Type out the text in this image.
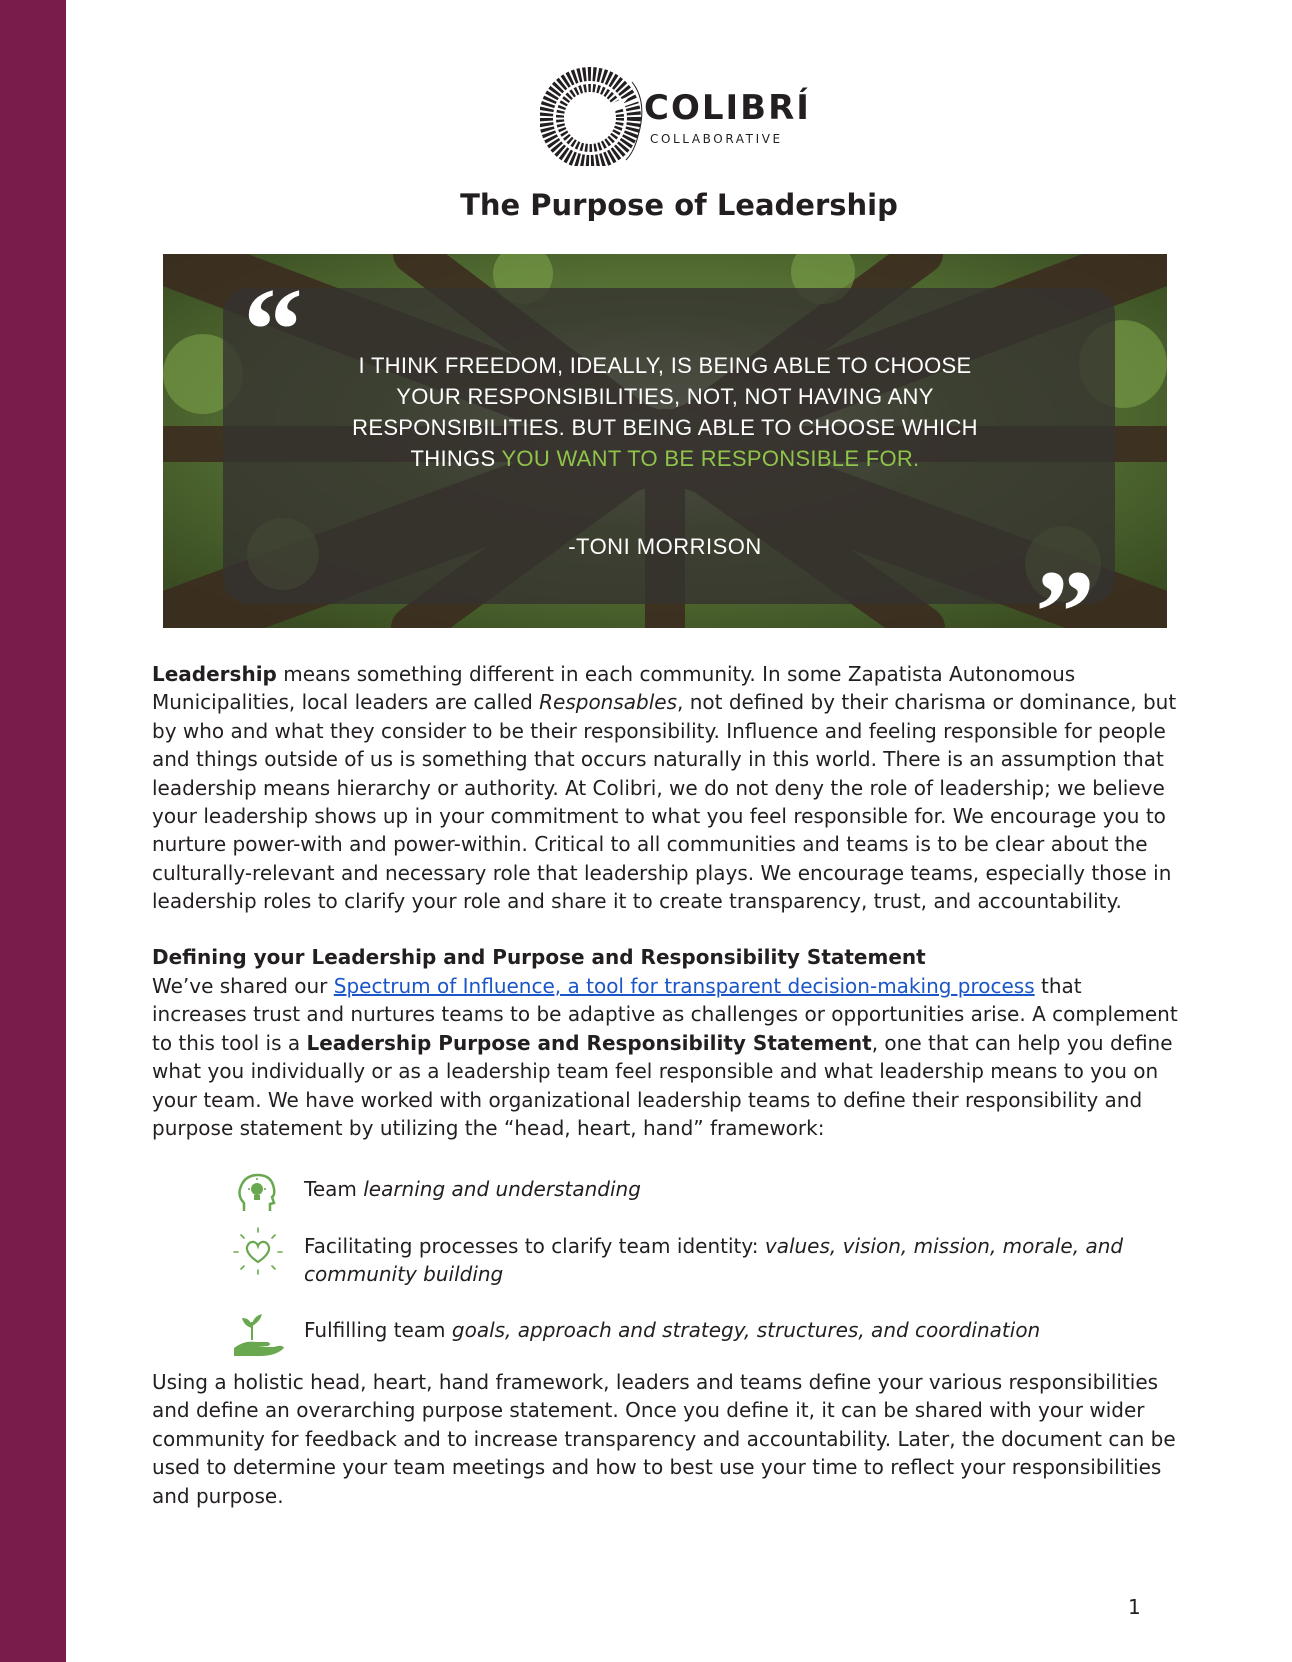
COLIBRÍ
COLLABORATIVE
The Purpose of Leadership
“	I THINK FREEDOM, IDEALLY, IS BEING ABLE TO CHOOSE
YOUR RESPONSIBILITIES, NOT, NOT HAVING ANY
RESPONSIBILITIES. BUT BEING ABLE TO CHOOSE WHICH
THINGS YOU WANT TO BE RESPONSIBLE FOR.
-TONI MORRISON	”

Leadership means something different in each community. In some Zapatista Autonomous Municipalities, local leaders are called Responsables, not defined by their charisma or dominance, but by who and what they consider to be their responsibility. Influence and feeling responsible for people and things outside of us is something that occurs naturally in this world. There is an assumption that leadership means hierarchy or authority. At Colibri, we do not deny the role of leadership; we believe your leadership shows up in your commitment to what you feel responsible for. We encourage you to nurture power-with and power-within. Critical to all communities and teams is to be clear about the culturally-relevant and necessary role that leadership plays. We encourage teams, especially those in leadership roles to clarify your role and share it to create transparency, trust, and accountability.

Defining your Leadership and Purpose and Responsibility Statement

We’ve shared our Spectrum of Influence, a tool for transparent decision-making process that increases trust and nurtures teams to be adaptive as challenges or opportunities arise. A complement to this tool is a Leadership Purpose and Responsibility Statement, one that can help you define what you individually or as a leadership team feel responsible and what leadership means to you on your team. We have worked with organizational leadership teams to define their responsibility and purpose statement by utilizing the “head, heart, hand” framework:

Team learning and understanding
Facilitating processes to clarify team identity: values, vision, mission, morale, and community building
Fulfilling team goals, approach and strategy, structures, and coordination

Using a holistic head, heart, hand framework, leaders and teams define your various responsibilities and define an overarching purpose statement. Once you define it, it can be shared with your wider community for feedback and to increase transparency and accountability. Later, the document can be used to determine your team meetings and how to best use your time to reflect your responsibilities and purpose.

1
